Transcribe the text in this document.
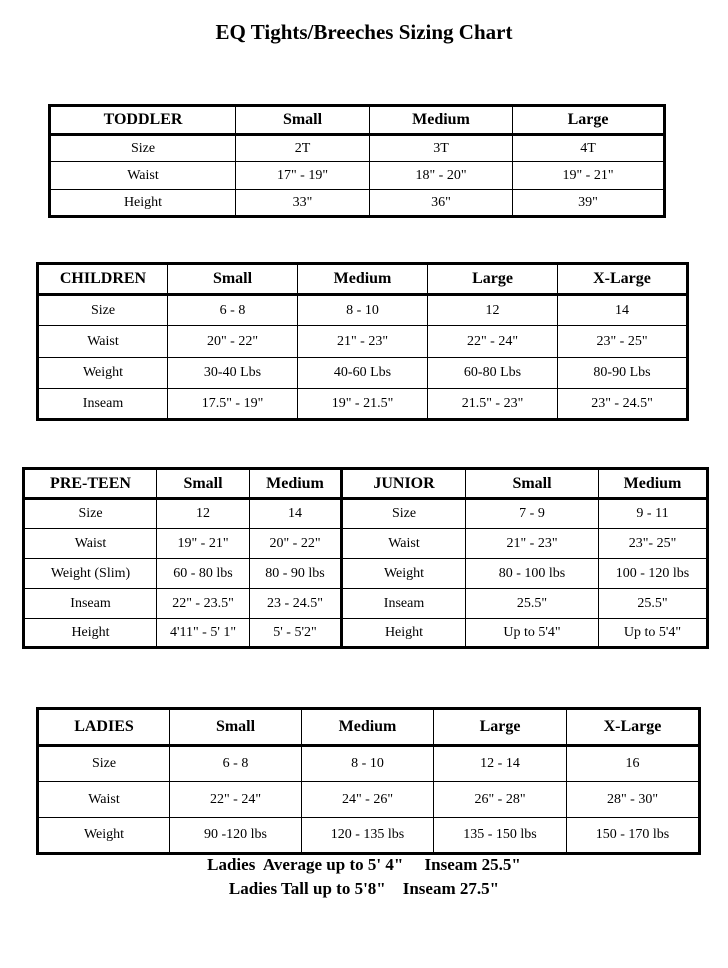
EQ Tights/Breeches Sizing Chart
TODDLER	Small	Medium	Large
Size	2T	3T	4T
Waist	17" - 19"	18" - 20"	19" - 21"
Height	33"	36"	39"
CHILDREN	Small	Medium	Large	X-Large
Size	6 - 8	8 - 10	12	14
Waist	20" - 22"	21" - 23"	22" - 24"	23" - 25"
Weight	30-40 Lbs	40-60 Lbs	60-80 Lbs	80-90 Lbs
Inseam	17.5" - 19"	19" - 21.5"	21.5" - 23"	23" - 24.5"
PRE-TEEN	Small	Medium	JUNIOR	Small	Medium
Size	12	14	Size	7 - 9	9 - 11
Waist	19" - 21"	20" - 22"	Waist	21" - 23"	23"- 25"
Weight (Slim)	60 - 80 lbs	80 - 90 lbs	Weight	80 - 100 lbs	100 - 120 lbs
Inseam	22" - 23.5"	23 - 24.5"	Inseam	25.5"	25.5"
Height	4'11" - 5' 1"	5' - 5'2"	Height	Up to 5'4"	Up to 5'4"
LADIES	Small	Medium	Large	X-Large
Size	6 - 8	8 - 10	12 - 14	16
Waist	22" - 24"	24" - 26"	26" - 28"	28" - 30"
Weight	90 -120 lbs	120 - 135 lbs	135 - 150 lbs	150 - 170 lbs
Ladies  Average up to 5' 4"     Inseam 25.5"
Ladies Tall up to 5'8"    Inseam 27.5"
